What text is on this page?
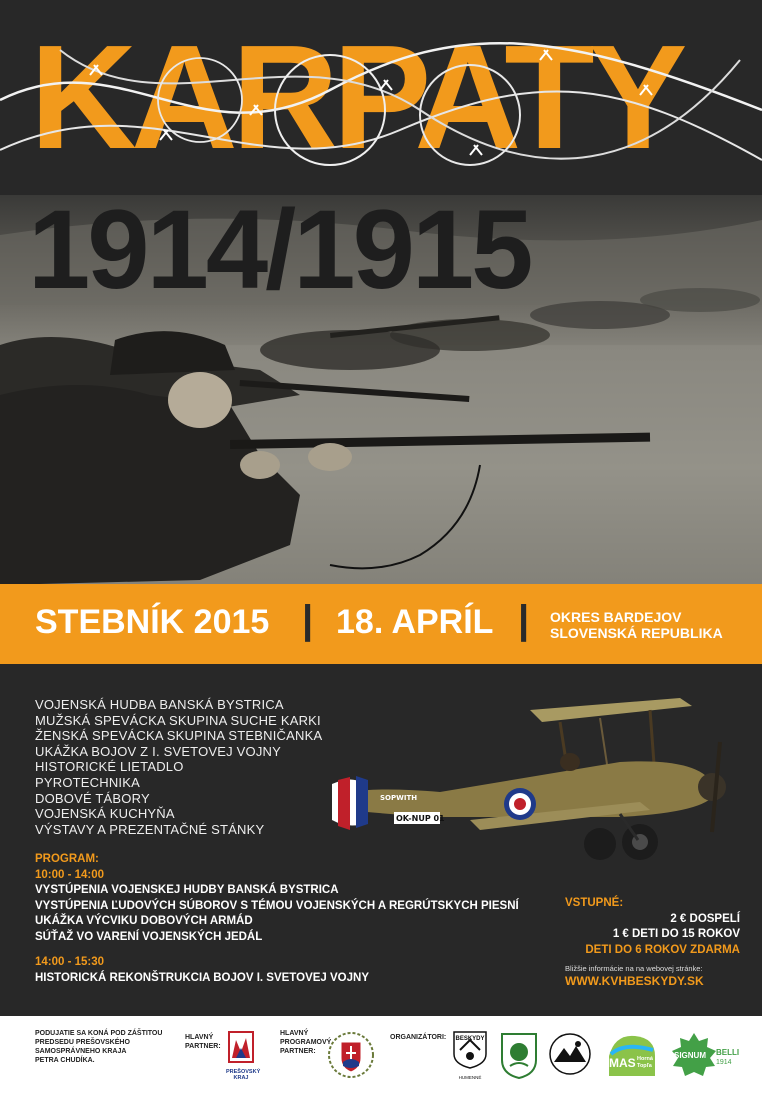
1914/1915
KARPATY
STEBNÍK 2015 | 18. APRÍL | OKRES BARDEJOV
SLOVENSKÁ REPUBLIKA
VOJENSKÁ HUDBA BANSKÁ BYSTRICA
MUŽSKÁ SPEVÁCKA SKUPINA SUCHE KARKI
ŽENSKÁ SPEVÁCKA SKUPINA STEBNIČANKA
UKÁŽKA BOJOV Z I. SVETOVEJ VOJNY
HISTORICKÉ LIETADLO
PYROTECHNIKA
DOBOVÉ TÁBORY
VOJENSKÁ KUCHYŇA
VÝSTAVY A PREZENTAČNÉ STÁNKY
SOPWITH
OK-NUP 01
PROGRAM:
10:00 - 14:00
VYSTÚPENIA VOJENSKEJ HUDBY BANSKÁ BYSTRICA
VYSTÚPENIA ĽUDOVÝCH SÚBOROV S TÉMOU VOJENSKÝCH A REGRÚTSKYCH PIESNÍ
UKÁŽKA VÝCVIKU DOBOVÝCH ARMÁD
SÚŤAŽ VO VARENÍ VOJENSKÝCH JEDÁL
14:00 - 15:30
HISTORICKÁ REKONŠTRUKCIA BOJOV I. SVETOVEJ VOJNY
VSTUPNÉ:
2 € DOSPELÍ
1 € DETI DO 15 ROKOV
DETI DO 6 ROKOV ZDARMA
Bližšie informácie na na webovej stránke:
WWW.KVHBESKYDY.SK
PODUJATIE SA KONÁ POD ZÁŠTITOU
PREDSEDU PREŠOVSKÉHO
SAMOSPRÁVNEHO KRAJA
PETRA CHUDÍKA.
HLAVNÝ
PARTNER:
PREŠOVSKÝ
KRAJ
HLAVNÝ
PROGRAMOVÝ
PARTNER:
ORGANIZÁTORI:	BESKYDY
HUMENNÉ
MAKOVICA	MAS Horná
Topľa
SIGNUM BELLI
1914
